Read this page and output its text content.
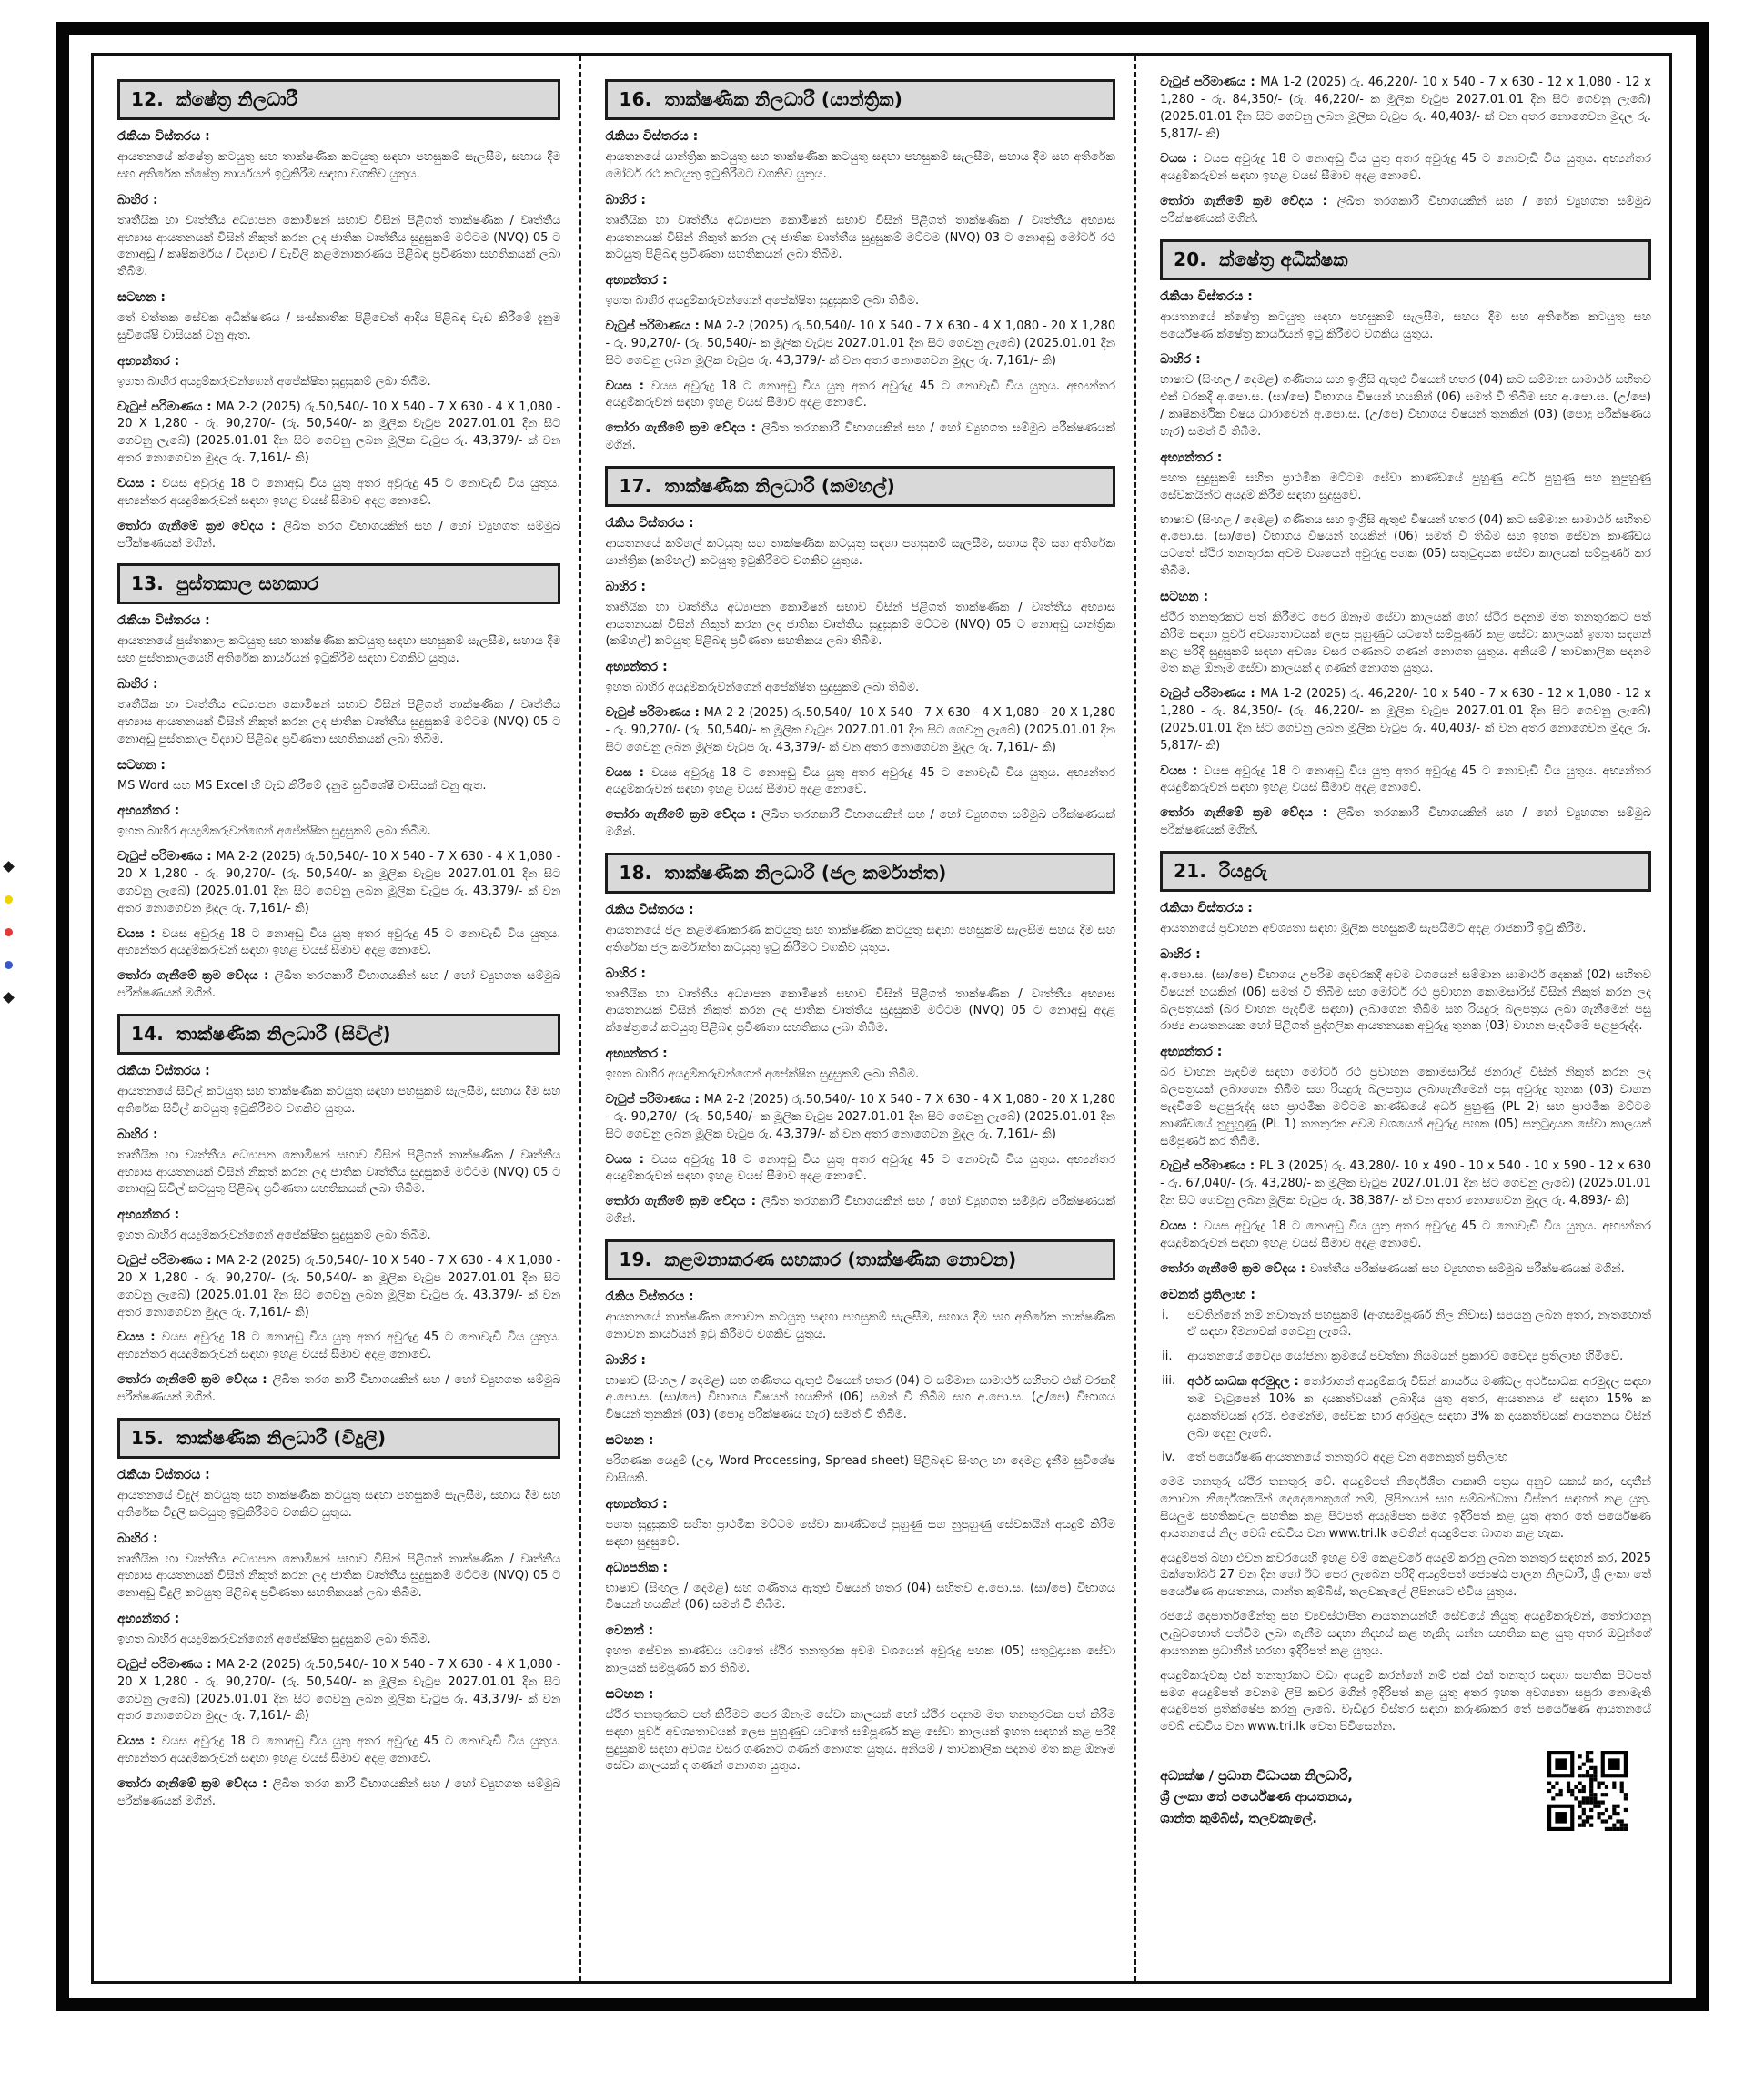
12. ක්ෂේත්‍ර නිලධාරී

රැකියා විස්තරය :

ආයතනයේ ක්ෂේත්‍ර කටයුතු සහ තාක්ෂණික කටයුතු සඳහා පහසුකම් සැලසීම, සහාය දීම සහ අතිරේක ක්ෂේත්‍ර කාර්යයන් ඉටුකිරීම සඳහා වගකිව යුතුය.

බාහිර :

තෘතීයික හා වෘත්තීය අධ්‍යාපන කොමිෂන් සභාව විසින් පිළිගත් තාක්ෂණික / වෘත්තීය අභ්‍යාස ආයතනයක් විසින් නිකුත් කරන ලද ජාතික වෘත්තීය සුදුසුකම් මට්ටම (NVQ) 05 ට නොඅඩු / කෘෂිකර්මය / විද්‍යාව / වැවිලි කළමනාකරණය පිළිබඳ ප්‍රවීණතා සහතිකයක් ලබා තිබීම.

සටහන :

තේ වත්තක සේවක අධීක්ෂණය / සංස්කෘතික පිළිවෙත් ආදිය පිළිබඳ වැඩ කිරීමේ දැනුම සුවිශේෂී වාසියක් වනු ඇත.

අභ්‍යන්තර :

ඉහත බාහිර අයදුම්කරුවන්ගෙන් අපේක්ෂිත සුදුසුකම් ලබා තිබීම.

වැටුප් පරිමාණය : MA 2-2 (2025) රු.50,540/- 10 X 540 - 7 X 630 - 4 X 1,080 - 20 X 1,280 - රු. 90,270/- (රු. 50,540/- ක මූලික වැටුප 2027.01.01 දින සිට ගෙවනු ලැබේ) (2025.01.01 දින සිට ගෙවනු ලබන මූලික වැටුප රු. 43,379/- ක් වන අතර නොගෙවන මුදල රු. 7,161/- කි)

වයස : වයස අවුරුදු 18 ට නොඅඩු විය යුතු අතර අවුරුදු 45 ට නොවැඩි විය යුතුය. අභ්‍යන්තර අයදුම්කරුවන් සඳහා ඉහළ වයස් සීමාව අදළ නොවේ.

තෝරා ගැනීමේ ක්‍රම වේදය : ලිඛිත තරග විභාගයකින් සහ / හෝ ව්‍යුහගත සම්මුඛ පරීක්ෂණයක් මගින්.

13. පුස්තකාල සහකාර

රැකියා විස්තරය :

ආයතනයේ පුස්තකාල කටයුතු සහ තාක්ෂණික කටයුතු සඳහා පහසුකම් සැලසීම, සහාය දීම සහ පුස්තකාලයෙහි අතිරේක කාර්යයන් ඉටුකිරීම සඳහා වගකිව යුතුය.

බාහිර :

තෘතීයික හා වෘත්තීය අධ්‍යාපන කොමිෂන් සභාව විසින් පිළිගත් තාක්ෂණික / වෘත්තීය අභ්‍යාස ආයතනයක් විසින් නිකුත් කරන ලද ජාතික වෘත්තීය සුදුසුකම් මට්ටම (NVQ) 05 ට නොඅඩු පුස්තකාල විද්‍යාව පිළිබඳ ප්‍රවීණතා සහතිකයක් ලබා තිබීම.

සටහන :

MS Word සහ MS Excel හි වැඩ කිරීමේ දැනුම සුවිශේෂී වාසියක් වනු ඇත.

අභ්‍යන්තර :

ඉහත බාහිර අයදුම්කරුවන්ගෙන් අපේක්ෂිත සුදුසුකම් ලබා තිබීම.

වැටුප් පරිමාණය : MA 2-2 (2025) රු.50,540/- 10 X 540 - 7 X 630 - 4 X 1,080 - 20 X 1,280 - රු. 90,270/- (රු. 50,540/- ක මූලික වැටුප 2027.01.01 දින සිට ගෙවනු ලැබේ) (2025.01.01 දින සිට ගෙවනු ලබන මූලික වැටුප රු. 43,379/- ක් වන අතර නොගෙවන මුදල රු. 7,161/- කි)

වයස : වයස අවුරුදු 18 ට නොඅඩු විය යුතු අතර අවුරුදු 45 ට නොවැඩි විය යුතුය. අභ්‍යන්තර අයදුම්කරුවන් සඳහා ඉහළ වයස් සීමාව අදළ නොවේ.

තෝරා ගැනීමේ ක්‍රම වේදය : ලිඛිත තරගකාරී විභාගයකින් සහ / හෝ ව්‍යුහගත සම්මුඛ පරීක්ෂණයක් මගින්.

14. තාක්ෂණික නිලධාරී (සිවිල්)

රැකියා විස්තරය :

ආයතනයේ සිවිල් කටයුතු සහ තාක්ෂණික කටයුතු සඳහා පහසුකම් සැලසීම, සහාය දීම සහ අතිරේක සිවිල් කටයුතු ඉටුකිරීමට වගකිව යුතුය.

බාහිර :

තෘතීයික හා වෘත්තීය අධ්‍යාපන කොමිෂන් සභාව විසින් පිළිගත් තාක්ෂණික / වෘත්තීය අභ්‍යාස ආයතනයක් විසින් නිකුත් කරන ලද ජාතික වෘත්තීය සුදුසුකම් මට්ටම (NVQ) 05 ට නොඅඩු සිවිල් කටයුතු පිළිබඳ ප්‍රවීණතා සහතිකයක් ලබා තිබීම.

අභ්‍යන්තර :

ඉහත බාහිර අයදුම්කරුවන්ගෙන් අපේක්ෂිත සුදුසුකම් ලබා තිබීම.

වැටුප් පරිමාණය : MA 2-2 (2025) රු.50,540/- 10 X 540 - 7 X 630 - 4 X 1,080 - 20 X 1,280 - රු. 90,270/- (රු. 50,540/- ක මූලික වැටුප 2027.01.01 දින සිට ගෙවනු ලැබේ) (2025.01.01 දින සිට ගෙවනු ලබන මූලික වැටුප රු. 43,379/- ක් වන අතර නොගෙවන මුදල රු. 7,161/- කි)

වයස : වයස අවුරුදු 18 ට නොඅඩු විය යුතු අතර අවුරුදු 45 ට නොවැඩි විය යුතුය. අභ්‍යන්තර අයදුම්කරුවන් සඳහා ඉහළ වයස් සීමාව අදළ නොවේ.

තෝරා ගැනීමේ ක්‍රම වේදය : ලිඛිත තරග කාරී විභාගයකින් සහ / හෝ ව්‍යුහගත සම්මුඛ පරීක්ෂණයක් මගින්.

15. තාක්ෂණික නිලධාරී (විදුලි)

රැකියා විස්තරය :

ආයතනයේ විදුලි කටයුතු සහ තාක්ෂණික කටයුතු සඳහා පහසුකම් සැලසීම, සහාය දීම සහ අතිරේක විදුලි කටයුතු ඉටුකිරීමට වගකිව යුතුය.

බාහිර :

තෘතීයික හා වෘත්තීය අධ්‍යාපන කොමිෂන් සභාව විසින් පිළිගත් තාක්ෂණික / වෘත්තීය අභ්‍යාස ආයතනයක් විසින් නිකුත් කරන ලද ජාතික වෘත්තීය සුදුසුකම් මට්ටම (NVQ) 05 ට නොඅඩු විදුලි කටයුතු පිළිබඳ ප්‍රවීණතා සහතිකයක් ලබා තිබීම.

අභ්‍යන්තර :

ඉහත බාහිර අයදුම්කරුවන්ගෙන් අපේක්ෂිත සුදුසුකම් ලබා තිබීම.

වැටුප් පරිමාණය : MA 2-2 (2025) රු.50,540/- 10 X 540 - 7 X 630 - 4 X 1,080 - 20 X 1,280 - රු. 90,270/- (රු. 50,540/- ක මූලික වැටුප 2027.01.01 දින සිට ගෙවනු ලැබේ) (2025.01.01 දින සිට ගෙවනු ලබන මූලික වැටුප රු. 43,379/- ක් වන අතර නොගෙවන මුදල රු. 7,161/- කි)

වයස : වයස අවුරුදු 18 ට නොඅඩු විය යුතු අතර අවුරුදු 45 ට නොවැඩි විය යුතුය. අභ්‍යන්තර අයදුම්කරුවන් සඳහා ඉහළ වයස් සීමාව අදළ නොවේ.

තෝරා ගැනීමේ ක්‍රම වේදය : ලිඛිත තරග කාරී විභාගයකින් සහ / හෝ ව්‍යුහගත සම්මුඛ පරීක්ෂණයක් මගින්.

16. තාක්ෂණික නිලධාරී (යාන්ත්‍රික)

රැකියා විස්තරය :

ආයතනයේ යාන්ත්‍රික කටයුතු සහ තාක්ෂණික කටයුතු සඳහා පහසුකම් සැලසීම, සහාය දීම සහ අතිරේක මෝටර් රථ කටයුතු ඉටුකිරීමට වගකිව යුතුය.

බාහිර :

තෘතීයික හා වෘත්තීය අධ්‍යාපන කොමිෂන් සභාව විසින් පිළිගත් තාක්ෂණික / වෘත්තීය අභ්‍යාස ආයතනයක් විසින් නිකුත් කරන ලද ජාතික වෘත්තීය සුදුසුකම් මට්ටම (NVQ) 03 ට නොඅඩු මෝටර් රථ කටයුතු පිළිබඳ ප්‍රවීණතා සහතිකයන් ලබා තිබීම.

අභ්‍යන්තර :

ඉහත බාහිර අයදුම්කරුවන්ගෙන් අපේක්ෂිත සුදුසුකම් ලබා තිබීම.

වැටුප් පරිමාණය : MA 2-2 (2025) රු.50,540/- 10 X 540 - 7 X 630 - 4 X 1,080 - 20 X 1,280 - රු. 90,270/- (රු. 50,540/- ක මූලික වැටුප 2027.01.01 දින සිට ගෙවනු ලැබේ) (2025.01.01 දින සිට ගෙවනු ලබන මූලික වැටුප රු. 43,379/- ක් වන අතර නොගෙවන මුදල රු. 7,161/- කි)

වයස : වයස අවුරුදු 18 ට නොඅඩු විය යුතු අතර අවුරුදු 45 ට නොවැඩි විය යුතුය. අභ්‍යන්තර අයදුම්කරුවන් සඳහා ඉහළ වයස් සීමාව අදළ නොවේ.

තෝරා ගැනීමේ ක්‍රම වේදය : ලිඛිත තරගකාරී විභාගයකින් සහ / හෝ ව්‍යුහගත සම්මුඛ පරීක්ෂණයක් මගින්.

17. තාක්ෂණික නිලධාරී (කම්හල්)

රැකිය විස්තරය :

ආයතනයේ කම්හල් කටයුතු සහ තාක්ෂණික කටයුතු සඳහා පහසුකම් සැලසීම, සහාය දීම සහ අතිරේක යාන්ත්‍රික (කම්හල්) කටයුතු ඉටුකිරීමට වගකිව යුතුය.

බාහිර :

තෘතීයික හා වෘත්තීය අධ්‍යාපන කොමිෂන් සභාව විසින් පිළිගත් තාක්ෂණික / වෘත්තීය අභ්‍යාස ආයතනයක් විසින් නිකුත් කරන ලද ජාතික වෘත්තීය සුදුසුකම් මට්ටම (NVQ) 05 ට නොඅඩු යාන්ත්‍රික (කම්හල්) කටයුතු පිළිබඳ ප්‍රවීණතා සහතිකය ලබා තිබීම.

අභ්‍යන්තර :

ඉහත බාහිර අයදුම්කරුවන්ගෙන් අපේක්ෂිත සුදුසුකම් ලබා තිබීම.

වැටුප් පරිමාණය : MA 2-2 (2025) රු.50,540/- 10 X 540 - 7 X 630 - 4 X 1,080 - 20 X 1,280 - රු. 90,270/- (රු. 50,540/- ක මූලික වැටුප 2027.01.01 දින සිට ගෙවනු ලැබේ) (2025.01.01 දින සිට ගෙවනු ලබන මූලික වැටුප රු. 43,379/- ක් වන අතර නොගෙවන මුදල රු. 7,161/- කි)

වයස : වයස අවුරුදු 18 ට නොඅඩු විය යුතු අතර අවුරුදු 45 ට නොවැඩි විය යුතුය. අභ්‍යන්තර අයදුම්කරුවන් සඳහා ඉහළ වයස් සීමාව අදළ නොවේ.

තෝරා ගැනීමේ ක්‍රම වේදය : ලිඛිත තරගකාරී විභාගයකින් සහ / හෝ ව්‍යුහගත සම්මුඛ පරීක්ෂණයක් මගින්.

18. තාක්ෂණික නිලධාරී (ජල කර්මාන්ත)

රැකිය විස්තරය :

ආයතනයේ ජල කළමණාකරණ කටයුතු සහ තාක්ෂණික කටයුතු සඳහා පහසුකම් සැලසීම සහය දීම සහ අතිරේක ජල කර්මාන්ත කටයුතු ඉටු කිරීමට වගකිව යුතුය.

බාහිර :

තෘතීයික හා වෘත්තීය අධ්‍යාපන කොමිෂන් සභාව විසින් පිළිගත් තාක්ෂණික / වෘත්තීය අභ්‍යාස ආයතනයක් විසින් නිකුත් කරන ලද ජාතික වෘත්තීය සුදුසුකම් මට්ටම (NVQ) 05 ට නොඅඩු අදළ ක්ෂේත්‍රයේ කටයුතු පිළිබඳ ප්‍රවීණතා සහතිකය ලබා තිබීම.

අභ්‍යන්තර :

ඉහත බාහිර අයදුම්කරුවන්ගෙන් අපේක්ෂිත සුදුසුකම් ලබා තිබීම.

වැටුප් පරිමාණය : MA 2-2 (2025) රු.50,540/- 10 X 540 - 7 X 630 - 4 X 1,080 - 20 X 1,280 - රු. 90,270/- (රු. 50,540/- ක මූලික වැටුප 2027.01.01 දින සිට ගෙවනු ලැබේ) (2025.01.01 දින සිට ගෙවනු ලබන මූලික වැටුප රු. 43,379/- ක් වන අතර නොගෙවන මුදල රු. 7,161/- කි)

වයස : වයස අවුරුදු 18 ට නොඅඩු විය යුතු අතර අවුරුදු 45 ට නොවැඩි විය යුතුය. අභ්‍යන්තර අයදුම්කරුවන් සඳහා ඉහළ වයස් සීමාව අදළ නොවේ.

තෝරා ගැනීමේ ක්‍රම වේදය : ලිඛිත තරගකාරී විභාගයකින් සහ / හෝ ව්‍යුහගත සම්මුඛ පරීක්ෂණයක් මගින්.

19. කළමනාකරණ සහකාර (තාක්ෂණික නොවන)

රැකිය විස්තරය :

ආයතනයේ තාක්ෂණික නොවන කටයුතු සඳහා පහසුකම් සැලසීම, සහාය දීම සහ අතිරේක තාක්ෂණික නොවන කාර්යයන් ඉටු කිරීමට වගකිව යුතුය.

බාහිර :

භාෂාව (සිංහල / දෙමළ) සහ ගණිතය ඇතුළු විෂයන් හතර (04) ට සම්මාන සාමාර්ථ සහිතව එක් වරකදී අ.පො.ස. (සා/පෙ) විභාගය විෂයන් හයකින් (06) සමත් වී තිබීම සහ අ.පො.ස. (උ/පෙ) විභාගය විෂයන් තුනකින් (03) (පොදු පරීක්ෂණය හැර) සමත් වී තිබීම.

සටහන :

පරිගණක යෙදුම් (උදා, Word Processing, Spread sheet) පිළිබඳව සිංහල හා දෙමළ දැනීම සුවිශේෂ වාසියකි.

අභ්‍යන්තර :

පහත සුදුසුකම් සහිත ප්‍රාථමික මට්ටම සේවා කාණ්ඩයේ පුහුණු සහ නුපුහුණු සේවකයින් අයදුම් කිරීම සඳහා සුදුසුවේ.

අධ්‍යපනික :

භාෂාව (සිංහල / දෙමළ) සහ ගණිතය ඇතුළු විෂයන් හතර (04) සහිතව අ.පො.ස. (සා/පෙ) විභාගය විෂයන් හයකින් (06) සමත් වී තිබීම.

වෙනත් :

ඉහත සේවන කාණ්ඩය යටතේ ස්ථිර තනතුරක අවම වශයෙන් අවුරුදු පහක (05) සතුටුදායක සේවා කාලයක් සම්පූර්ණ කර තිබීම.

සටහන :

ස්ථිර තනතුරකට පත් කිරීමට පෙර ඕනෑම සේවා කාලයක් හෝ ස්ථිර පදනම මත තනතුරටක පත් කිරීම සඳහා පූර්ව අවශ්‍යතාවයක් ලෙස පුහුණුව යටතේ සම්පූර්ණ කළ සේවා කාලයක් ඉහත සඳහන් කළ පරිදි සුදුසුකම් සඳහා අවශ්‍ය වසර ගණනට ගණන් නොගත යුතුය. අනියම් / තාවකාලික පදනම මත කළ ඕනෑම සේවා කාලයක් ද ගණන් නොගත යුතුය.

වැටුප් පරිමාණය : MA 1-2 (2025) රු. 46,220/- 10 x 540 - 7 x 630 - 12 x 1,080 - 12 x 1,280 - රු. 84,350/- (රු. 46,220/- ක මූලික වැටුප 2027.01.01 දින සිට ගෙවනු ලැබේ) (2025.01.01 දින සිට ගෙවනු ලබන මූලික වැටුප රු. 40,403/- ක් වන අතර නොගෙවන මුදල රු. 5,817/- කි)

වයස : වයස අවුරුදු 18 ට නොඅඩු විය යුතු අතර අවුරුදු 45 ට නොවැඩි විය යුතුය. අභ්‍යන්තර අයදුම්කරුවන් සඳහා ඉහළ වයස් සීමාව අදළ නොවේ.

තෝරා ගැනීමේ ක්‍රම වේදය : ලිඛිත තරගකාරී විභාගයකින් සහ / හෝ ව්‍යුහගත සම්මුඛ පරීක්ෂණයක් මගින්.

20. ක්ෂේත්‍ර අධීක්ෂක

රැකියා විස්තරය :

ආයතනයේ ක්ෂේත්‍ර කටයුතු සඳහා පහසුකම් සැලසීම, සහය දීම සහ අතිරේක කටයුතු සහ පර්යේෂණ ක්ෂේත්‍ර කාර්යයන් ඉටු කිරීමට වගකිය යුතුය.

බාහිර :

භාෂාව (සිංහල / දෙමළ) ගණිතය සහ ඉංග්‍රීසි ඇතුළු විෂයන් හතර (04) කට සම්මාන සාමාර්ථ සහිතව එක් වරකදී අ.පො.ස. (සා/පෙ) විභාගය විෂයන් හයකින් (06) සමත් වී තිබීම සහ අ.පො.ස. (උ/පෙ) / කෘෂිකර්මික විෂය ධාරාවෙන් අ.පො.ස. (උ/පෙ) විභාගය විෂයන් තුනකින් (03) (පොදු පරීක්ෂණය හැර) සමත් වී තිබීම.

අභ්‍යන්තර :

පහත සුදුසුකම් සහිත ප්‍රාථමික මට්ටම සේවා කාණ්ඩයේ පුහුණු අර්ධ පුහුණු සහ නුපුහුණු සේවකයින්ට අයදුම් කිරීම සඳහා සුදුසුවේ.

භාෂාව (සිංහල / දෙමළ) ගණිතය සහ ඉංග්‍රීසි ඇතුළු විෂයන් හතර (04) කට සම්මාන සාමාර්ථ සහිතව අ.පො.ස. (සා/පෙ) විභාගය විෂයන් හයකින් (06) සමත් වී තිබීම සහ ඉහත සේවන කාණ්ඩය යටතේ ස්ථිර තනතුරක අවම වශයෙන් අවුරුදු පහක (05) සතුටුදායක සේවා කාලයක් සම්පූර්ණ කර තිබීම.

සටහන :

ස්ථිර තනතුරකට පත් කිරීමට පෙර ඕනෑම සේවා කාලයක් හෝ ස්ථිර පදනම මත තනතුරකට පත් කිරීම සඳහා පූර්ව අවශ්‍යතාවයක් ලෙස පුහුණුව යටතේ සම්පූර්ණ කළ සේවා කාලයක් ඉහත සඳහන් කළ පරිදි සුදුසුකම් සඳහා අවශ්‍ය වසර ගණනට ගණන් නොගත යුතුය. අනියම් / තාවකාලික පදනම මත කළ ඕනෑම සේවා කාලයක් ද ගණන් නොගත යුතුය.

වැටුප් පරිමාණය : MA 1-2 (2025) රු. 46,220/- 10 x 540 - 7 x 630 - 12 x 1,080 - 12 x 1,280 - රු. 84,350/- (රු. 46,220/- ක මූලික වැටුප 2027.01.01 දින සිට ගෙවනු ලැබේ) (2025.01.01 දින සිට ගෙවනු ලබන මූලික වැටුප රු. 40,403/- ක් වන අතර නොගෙවන මුදල රු. 5,817/- කි)

වයස : වයස අවුරුදු 18 ට නොඅඩු විය යුතු අතර අවුරුදු 45 ට නොවැඩි විය යුතුය. අභ්‍යන්තර අයදුම්කරුවන් සඳහා ඉහළ වයස් සීමාව අදළ නොවේ.

තෝරා ගැනීමේ ක්‍රම වේදය : ලිඛිත තරගකාරී විභාගයකින් සහ / හෝ ව්‍යුහගත සම්මුඛ පරීක්ෂණයක් මගින්.

21. රියදුරු

රැකියා විස්තරය :

ආයතනයේ ප්‍රවාහන අවශ්‍යතා සඳහා මූලික පහසුකම් සැපයීමට අදළ රාජකාරී ඉටු කිරීම.

බාහිර :

අ.පො.ස. (සා/පෙ) විභාගය උපරිම දෙවරකදී අවම වශයෙන් සම්මාන සාමාර්ථ දෙකක් (02) සහිතව විෂයන් හයකින් (06) සමත් වී තිබීම සහ මෝටර් රථ ප්‍රවාහන කොමසාරිස් විසින් නිකුත් කරන ලද බලපත්‍රයක් (බර වාහන පැදවීම සඳහා) ලබාගෙන තිබීම සහ රියදුරු බලපත්‍රය ලබා ගැනීමෙන් පසු රාජ්‍ය ආයතනයක හෝ පිළිගත් පුද්ගලික ආයතනයක අවුරුදු තුනක (03) වාහන පැදවීමේ පළපුරුද්ද.

අභ්‍යන්තර :

බර වාහන පැදවීම සඳහා මෝටර් රථ ප්‍රවාහන කොමසාරිස් ජනරාල් විසින් නිකුත් කරන ලද බලපත්‍රයක් ලබාගෙන තිබීම සහ රියදුරු බලපත්‍රය ලබාගැනීමෙන් පසු අවුරුදු තුනක (03) වාහන පැදවීමේ පළපුරුද්ද සහ ප්‍රාථමික මට්ටම කාණ්ඩයේ අර්ධ පුහුණු (PL 2) සහ ප්‍රාථමික මට්ටම කාණ්ඩයේ නුපුහුණු (PL 1) තනතුරක අවම වශයෙන් අවුරුදු පහක (05) සතුටුදායක සේවා කාලයක් සම්පූර්ණ කර තිබීම.

වැටුප් පරිමාණය : PL 3 (2025) රු. 43,280/- 10 x 490 - 10 x 540 - 10 x 590 - 12 x 630 - රු. 67,040/- (රු. 43,280/- ක මූලික වැටුප 2027.01.01 දින සිට ගෙවනු ලැබේ) (2025.01.01 දින සිට ගෙවනු ලබන මූලික වැටුප රු. 38,387/- ක් වන අතර නොගෙවන මුදල රු. 4,893/- කි)

වයස : වයස අවුරුදු 18 ට නොඅඩු විය යුතු අතර අවුරුදු 45 ට නොවැඩි විය යුතුය. අභ්‍යන්තර අයදුම්කරුවන් සඳහා ඉහළ වයස් සීමාව අදළ නොවේ.

තෝරා ගැනීමේ ක්‍රම වේදය : වෘත්තීය පරීක්ෂණයක් සහ ව්‍යුහගත සම්මුඛ පරීක්ෂණයක් මගින්.

වෙනත් ප්‍රතිලාභ :

i. පවතින්නේ නම් නවාතැන් පහසුකම් (අංගසම්පූර්ණ නිල නිවාස) සපයනු ලබන අතර, නැතහොත් ඒ සඳහා දීමනාවක් ගෙවනු ලැබේ.

ii. ආයතනයේ වෛද්‍ය යෝජනා ක්‍රමයේ පවත්නා නියමයන් ප්‍රකාරව වෛද්‍ය ප්‍රතිලාභ හිමිවේ.

iii. අර්ථ සාධක අරමුදල : තෝරාගත් අයදුම්කරු විසින් කාර්යය මණ්ඩල අර්ථසාධක අරමුදල සඳහා තම වැටුපෙන් 10% ක දායකත්වයක් ලබාදිය යුතු අතර, ආයතනය ඒ සඳහා 15% ක දායකත්වයක් දරයි. එමෙන්ම, සේවක භාර අරමුදල සඳහා 3% ක දායකත්වයක් ආයතනය විසින් ලබා දෙනු ලැබේ.

iv. තේ පර්යේෂණ ආයතනයේ තනතුරට අදළ වන අනෙකුත් ප්‍රතිලාභ

මෙම තනතුරු ස්ථිර තනතුරු වේ. අයදුම්පත් නිර්දේශිත ආකෘති පත්‍රය අනුව සකස් කර, ඥාතීන් නොවන නිර්දේශකයින් දෙදෙනෙකුගේ නම්, ලිපිනයන් සහ සම්බන්ධතා විස්තර සඳහන් කළ යුතු. සියලුම සහතිකවල සහතික කළ පිටපත් අයදුම්පත සමග ඉදිරිපත් කළ යුතු අතර තේ පර්යේෂණ ආයතනයේ නිල වෙබ් අඩවිය වන www.tri.lk වෙතින් අයදුම්පත බාගත කළ හැක.

අයදුම්පත් බහා එවන කවරයෙහි ඉහළ වම් කෙළවරේ අයදුම් කරනු ලබන තනතුර සඳහන් කර, 2025 ඔක්තෝබර් 27 වන දින හෝ ඊට පෙර ලැබෙන පරිදි අයදුම්පත් ජ්‍යෙෂ්ඨ පාලන නිලධාරී, ශ්‍රී ලංකා තේ පර්යේෂණ ආයතනය, ශාන්ත කුම්බිස්, තලවකැලේ ලිපිනයට එවිය යුතුය.

රජයේ දෙපාර්තමේන්තු සහ ව්‍යවස්ථාපිත ආයතනයන්හි සේවයේ නියුතු අයදුම්කරුවන්, තෝරාගනු ලැබුවහොත් පත්වීම ලබා ගැනීම සඳහා නිදහස් කළ හැකිද යන්න සහතික කළ යුතු අතර ඔවුන්ගේ ආයතනක ප්‍රධානීන් හරහා ඉදිරිපත් කළ යුතුය.

අයදුම්කරුවකු එක් තනතුරකට වඩා අයදුම් කරන්නේ නම් එක් එක් තනතුර සඳහා සහතික පිටපත් සමග අයදුම්පත් වෙනම ලිපි කවර මගින් ඉදිරිපත් කළ යුතු අතර ඉහත අවශ්‍යතා සපුරා නොමැති අයදුම්පත් ප්‍රතික්ෂේප කරනු ලැබේ. වැඩිදුර විස්තර සඳහා කරුණාකර තේ පර්යේෂණ ආයතනයේ වෙබ් අඩවිය වන www.tri.lk වෙත පිවිසෙන්න.

අධ්‍යක්ෂ / ප්‍රධාන විධායක නිලධාරි,

ශ්‍රී ලංකා තේ පර්යේෂණ ආයතනය,

ශාන්ත කුම්බිස්, තලවකැලේ.
